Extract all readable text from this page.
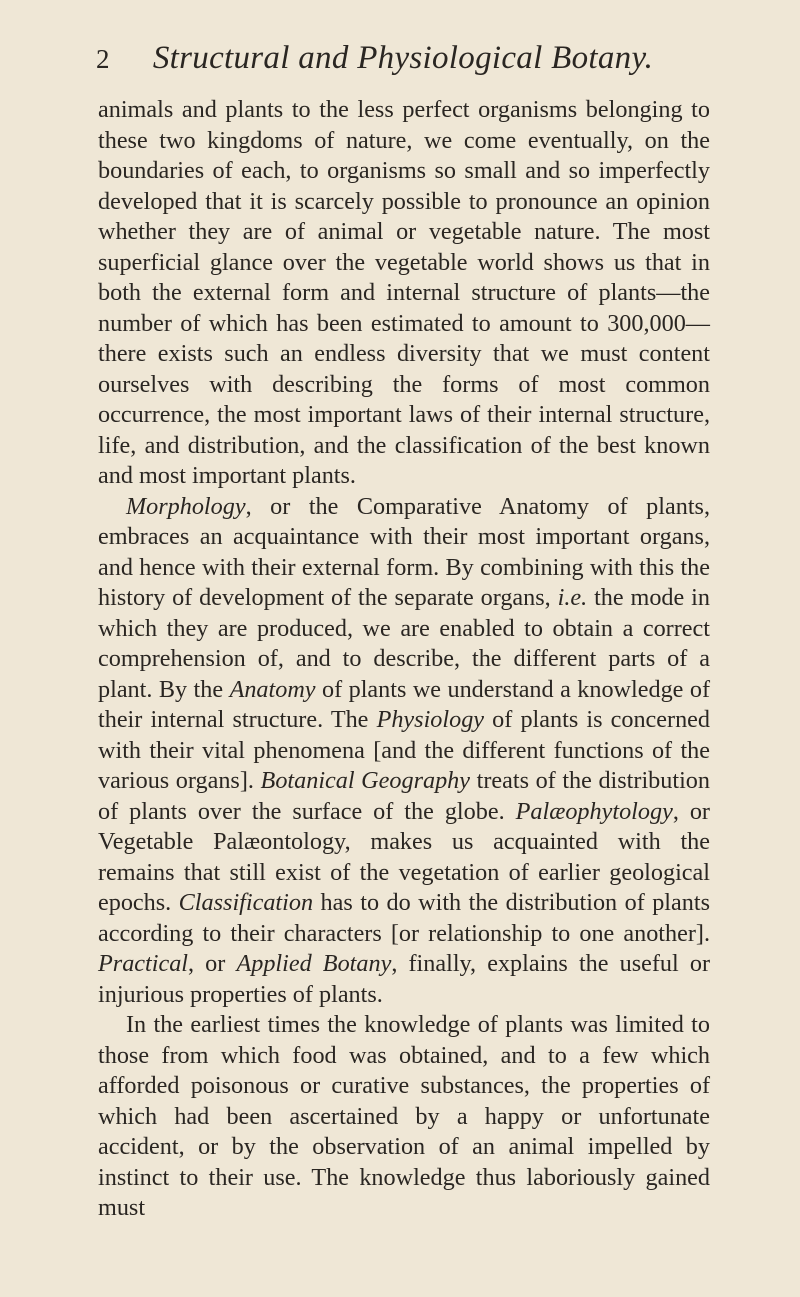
2	Structural and Physiological Botany.

animals and plants to the less perfect organisms belonging to these two kingdoms of nature, we come eventually, on the boundaries of each, to organisms so small and so imperfectly developed that it is scarcely possible to pronounce an opinion whether they are of animal or vegetable nature. The most superficial glance over the vegetable world shows us that in both the external form and internal structure of plants—the number of which has been estimated to amount to 300,000—there exists such an endless diversity that we must content ourselves with describing the forms of most common occurrence, the most important laws of their internal structure, life, and distribution, and the classification of the best known and most important plants.

Morphology, or the Comparative Anatomy of plants, embraces an acquaintance with their most important organs, and hence with their external form. By combining with this the history of development of the separate organs, i.e. the mode in which they are produced, we are enabled to obtain a correct comprehension of, and to describe, the different parts of a plant. By the Anatomy of plants we understand a knowledge of their internal structure. The Physiology of plants is concerned with their vital phenomena [and the different functions of the various organs]. Botanical Geography treats of the distribution of plants over the surface of the globe. Palæophytology, or Vegetable Palæontology, makes us acquainted with the remains that still exist of the vegetation of earlier geological epochs. Classification has to do with the distribution of plants according to their characters [or relationship to one another]. Practical, or Applied Botany, finally, explains the useful or injurious properties of plants.

In the earliest times the knowledge of plants was limited to those from which food was obtained, and to a few which afforded poisonous or curative substances, the properties of which had been ascertained by a happy or unfortunate accident, or by the observation of an animal impelled by instinct to their use. The knowledge thus laboriously gained must
